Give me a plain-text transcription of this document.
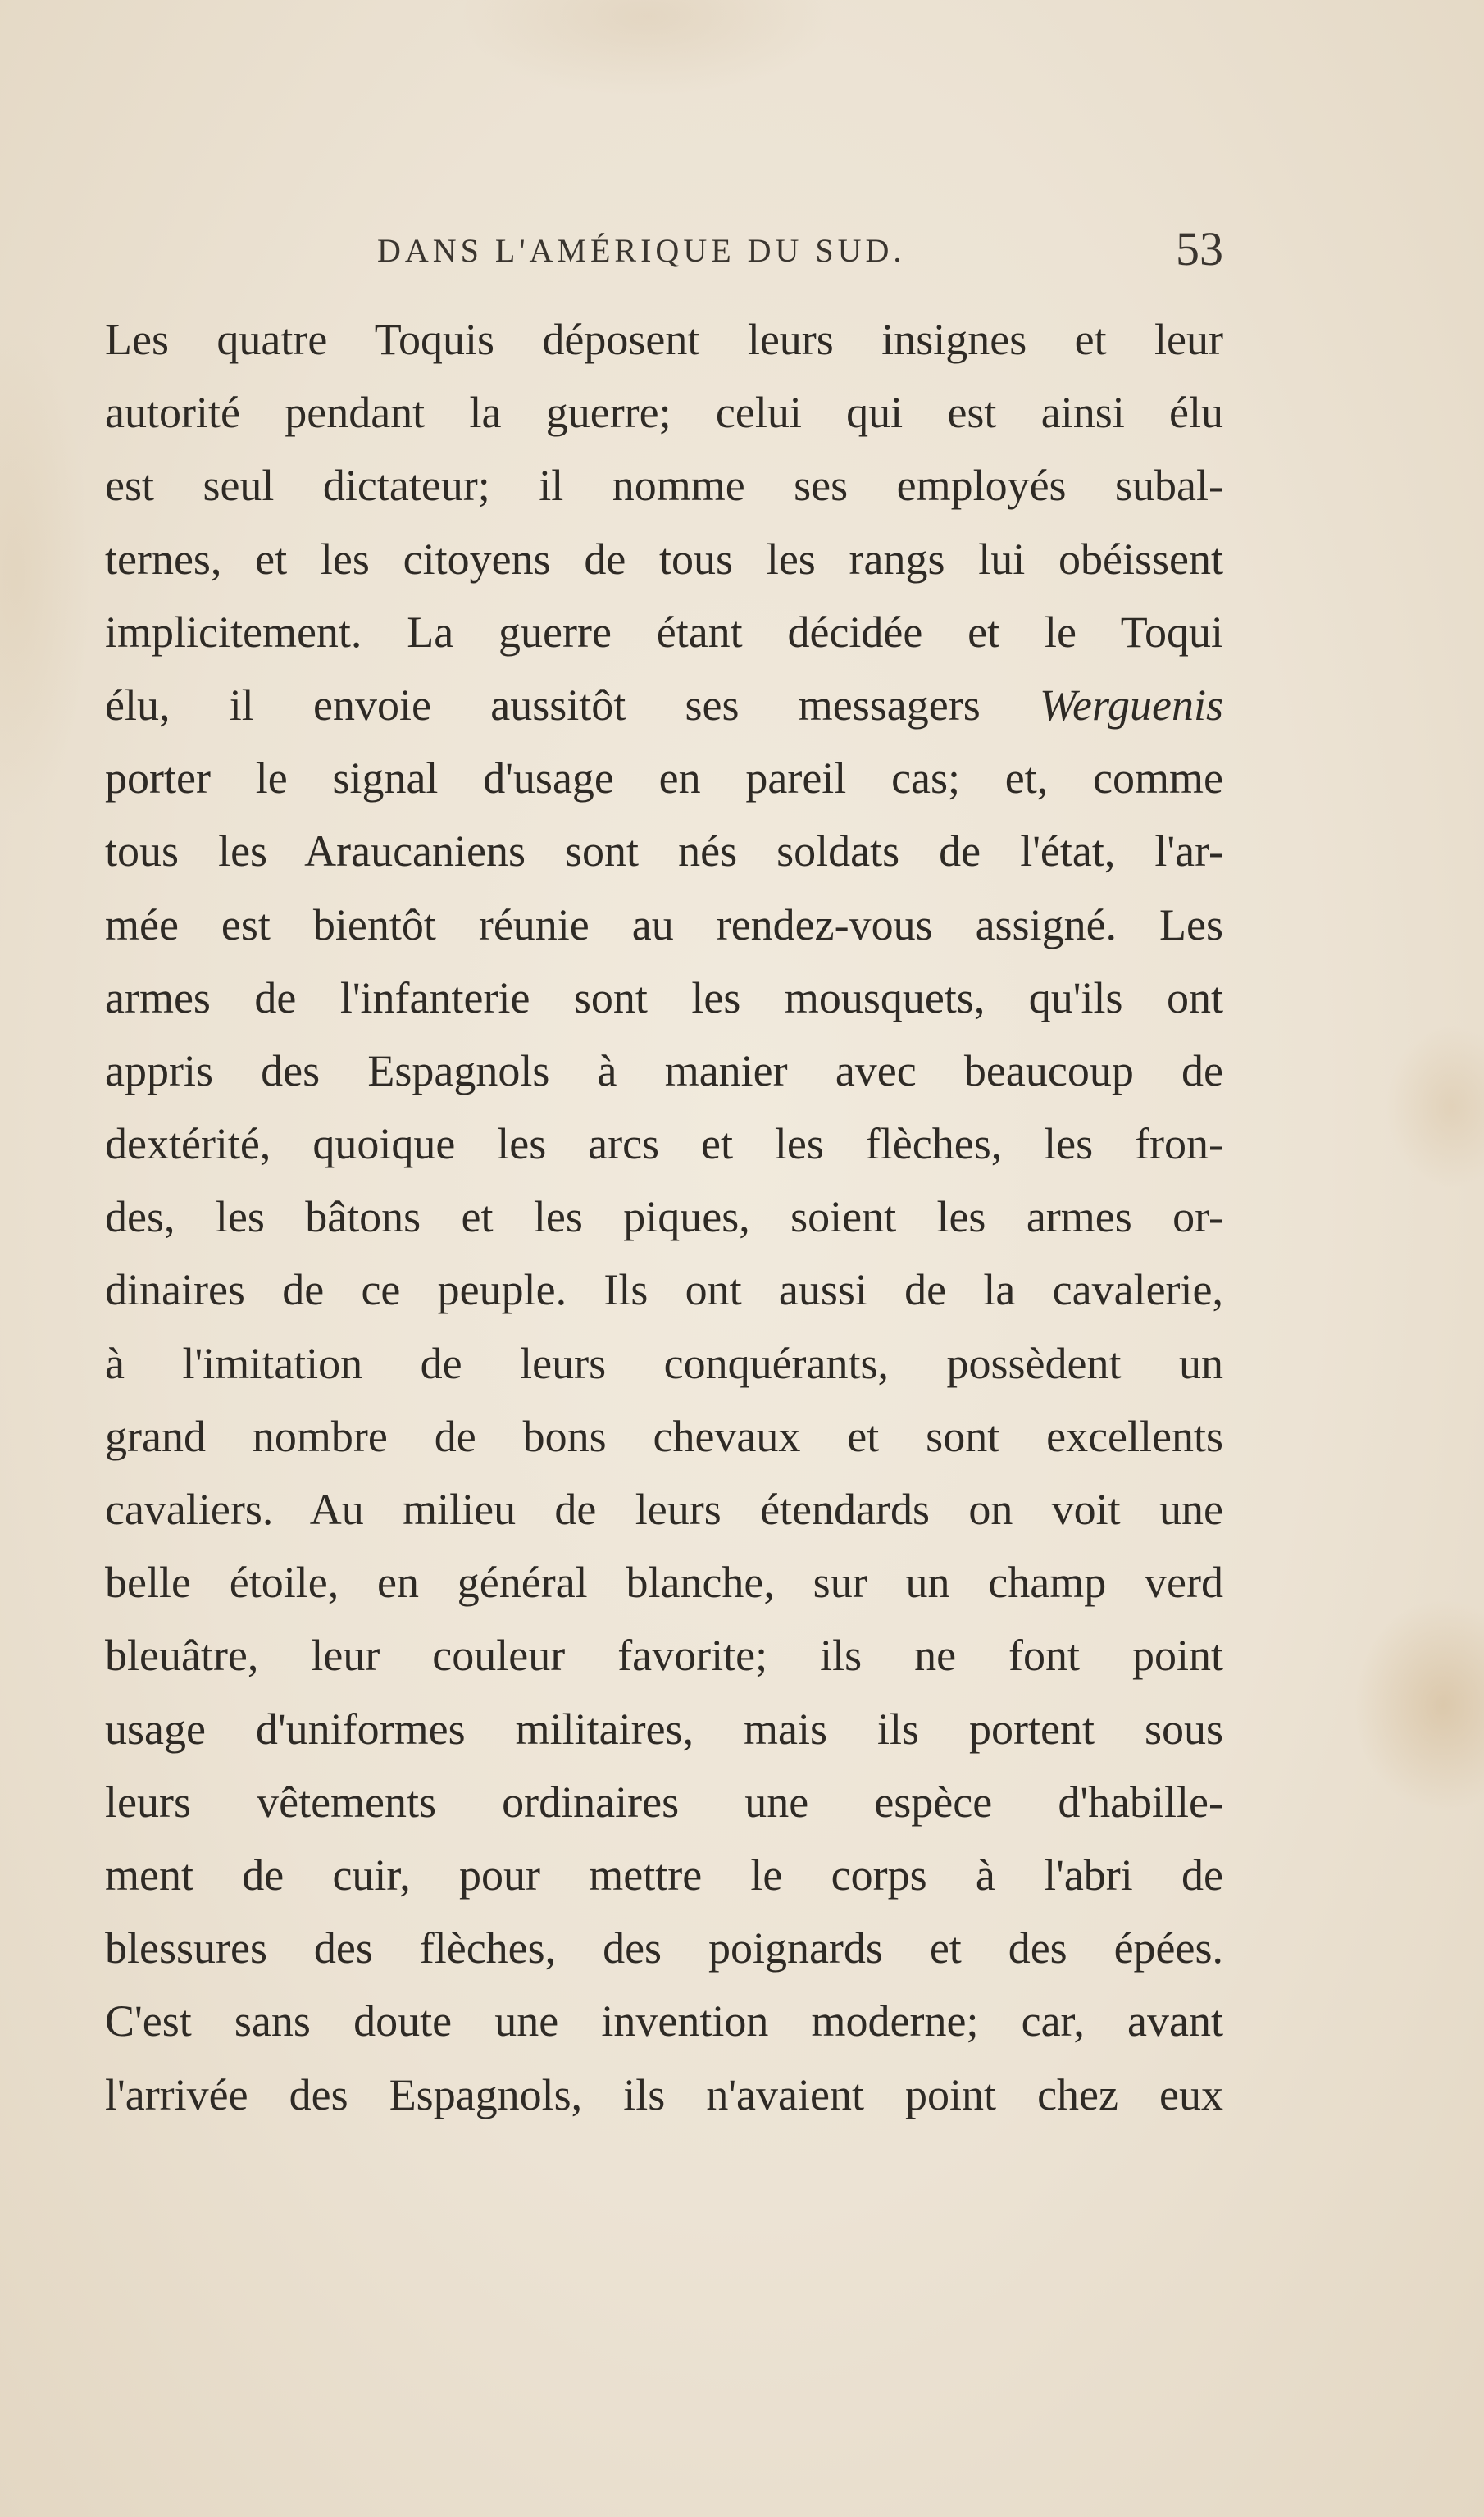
DANS L'AMÉRIQUE DU SUD.	53
Les quatre Toquis déposent leurs insignes et leur
autorité pendant la guerre; celui qui est ainsi élu
est seul dictateur; il nomme ses employés subal-
ternes, et les citoyens de tous les rangs lui obéissent
implicitement. La guerre étant décidée et le Toqui
élu, il envoie aussitôt ses messagers Werguenis
porter le signal d'usage en pareil cas; et, comme
tous les Araucaniens sont nés soldats de l'état, l'ar-
mée est bientôt réunie au rendez-vous assigné. Les
armes de l'infanterie sont les mousquets, qu'ils ont
appris des Espagnols à manier avec beaucoup de
dextérité, quoique les arcs et les flèches, les fron-
des, les bâtons et les piques, soient les armes or-
dinaires de ce peuple. Ils ont aussi de la cavalerie,
à l'imitation de leurs conquérants, possèdent un
grand nombre de bons chevaux et sont excellents
cavaliers. Au milieu de leurs étendards on voit une
belle étoile, en général blanche, sur un champ verd
bleuâtre, leur couleur favorite; ils ne font point
usage d'uniformes militaires, mais ils portent sous
leurs vêtements ordinaires une espèce d'habille-
ment de cuir, pour mettre le corps à l'abri de
blessures des flèches, des poignards et des épées.
C'est sans doute une invention moderne; car, avant
l'arrivée des Espagnols, ils n'avaient point chez eux
